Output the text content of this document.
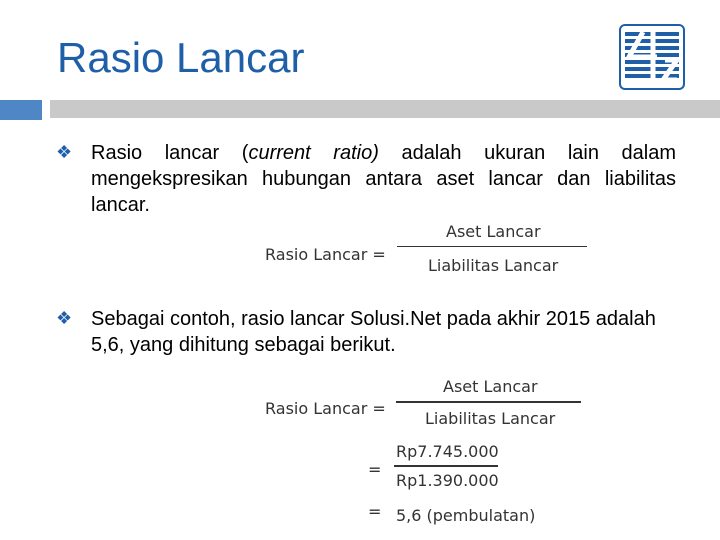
Rasio Lancar
❖ Rasio lancar (current ratio) adalah ukuran lain dalam mengekspresikan hubungan antara aset lancar dan liabilitas lancar.

Rasio Lancar =
Aset Lancar
Liabilitas Lancar
❖ Sebagai contoh, rasio lancar Solusi.Net pada akhir 2015 adalah 5,6, yang dihitung sebagai berikut.

Rasio Lancar =
Aset Lancar
Liabilitas Lancar
=
Rp7.745.000
Rp1.390.000
= 5,6 (pembulatan)
